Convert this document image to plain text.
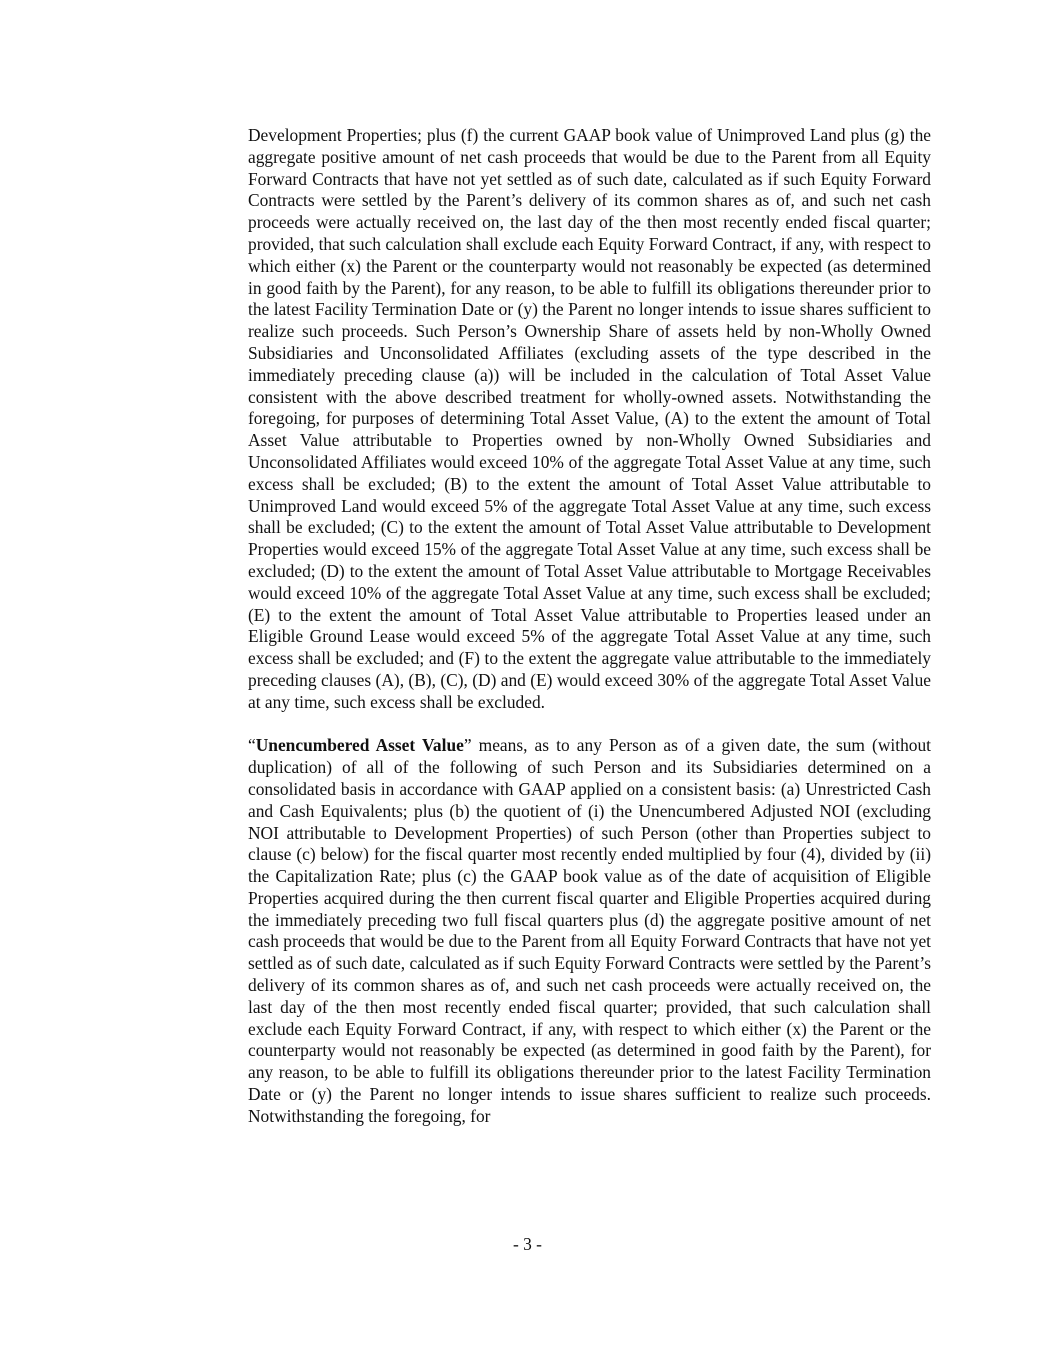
Development Properties; plus (f) the current GAAP book value of Unimproved Land plus (g) the aggregate positive amount of net cash proceeds that would be due to the Parent from all Equity Forward Contracts that have not yet settled as of such date, calculated as if such Equity Forward Contracts were settled by the Parent’s delivery of its common shares as of, and such net cash proceeds were actually received on, the last day of the then most recently ended fiscal quarter; provided, that such calculation shall exclude each Equity Forward Contract, if any, with respect to which either (x) the Parent or the counterparty would not reasonably be expected (as determined in good faith by the Parent), for any reason, to be able to fulfill its obligations thereunder prior to the latest Facility Termination Date or (y) the Parent no longer intends to issue shares sufficient to realize such proceeds. Such Person’s Ownership Share of assets held by non-Wholly Owned Subsidiaries and Unconsolidated Affiliates (excluding assets of the type described in the immediately preceding clause (a)) will be included in the calculation of Total Asset Value consistent with the above described treatment for wholly-owned assets. Notwithstanding the foregoing, for purposes of determining Total Asset Value, (A) to the extent the amount of Total Asset Value attributable to Properties owned by non-Wholly Owned Subsidiaries and Unconsolidated Affiliates would exceed 10% of the aggregate Total Asset Value at any time, such excess shall be excluded; (B) to the extent the amount of Total Asset Value attributable to Unimproved Land would exceed 5% of the aggregate Total Asset Value at any time, such excess shall be excluded; (C) to the extent the amount of Total Asset Value attributable to Development Properties would exceed 15% of the aggregate Total Asset Value at any time, such excess shall be excluded; (D) to the extent the amount of Total Asset Value attributable to Mortgage Receivables would exceed 10% of the aggregate Total Asset Value at any time, such excess shall be excluded; (E) to the extent the amount of Total Asset Value attributable to Properties leased under an Eligible Ground Lease would exceed 5% of the aggregate Total Asset Value at any time, such excess shall be excluded; and (F) to the extent the aggregate value attributable to the immediately preceding clauses (A), (B), (C), (D) and (E) would exceed 30% of the aggregate Total Asset Value at any time, such excess shall be excluded.

“Unencumbered Asset Value” means, as to any Person as of a given date, the sum (without duplication) of all of the following of such Person and its Subsidiaries determined on a consolidated basis in accordance with GAAP applied on a consistent basis: (a) Unrestricted Cash and Cash Equivalents; plus (b) the quotient of (i) the Unencumbered Adjusted NOI (excluding NOI attributable to Development Properties) of such Person (other than Properties subject to clause (c) below) for the fiscal quarter most recently ended multiplied by four (4), divided by (ii) the Capitalization Rate; plus (c) the GAAP book value as of the date of acquisition of Eligible Properties acquired during the then current fiscal quarter and Eligible Properties acquired during the immediately preceding two full fiscal quarters plus (d) the aggregate positive amount of net cash proceeds that would be due to the Parent from all Equity Forward Contracts that have not yet settled as of such date, calculated as if such Equity Forward Contracts were settled by the Parent’s delivery of its common shares as of, and such net cash proceeds were actually received on, the last day of the then most recently ended fiscal quarter; provided, that such calculation shall exclude each Equity Forward Contract, if any, with respect to which either (x) the Parent or the counterparty would not reasonably be expected (as determined in good faith by the Parent), for any reason, to be able to fulfill its obligations thereunder prior to the latest Facility Termination Date or (y) the Parent no longer intends to issue shares sufficient to realize such proceeds. Notwithstanding the foregoing, for

- 3 -
